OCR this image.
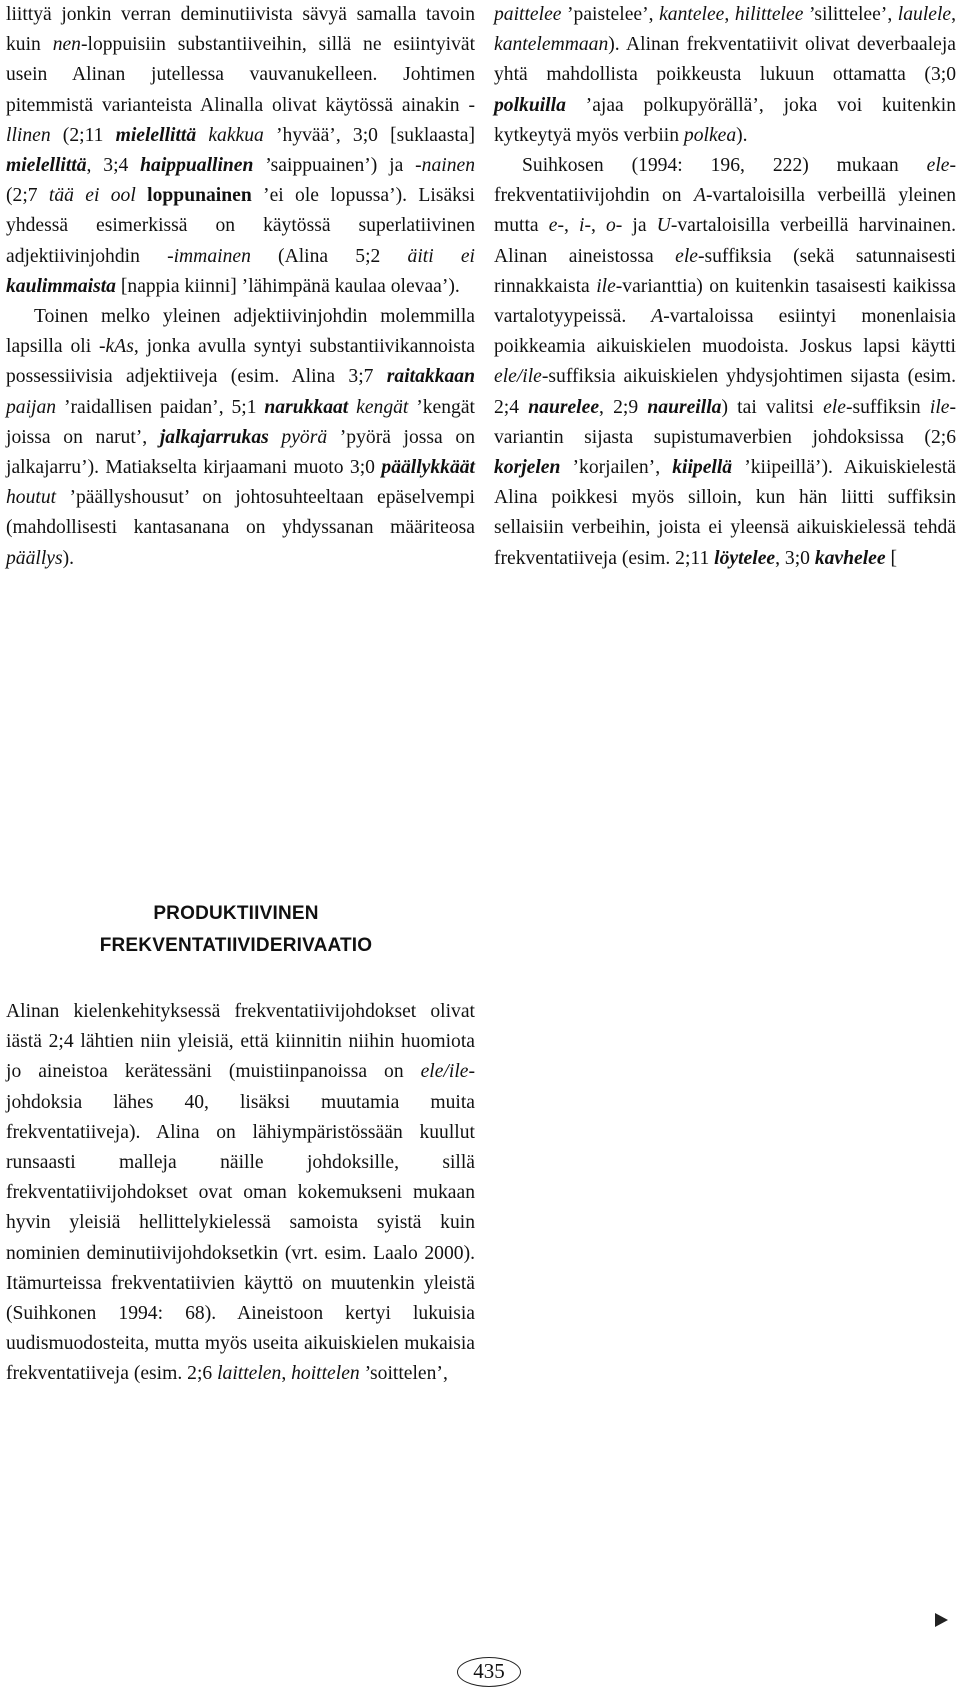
liittyä jonkin verran deminutiivista sävyä samalla tavoin kuin nen-loppuisiin substantiiveihin, sillä ne esiintyivät usein Alinan jutellessa vauvanukelleen. Johtimen pitemmistä varianteista Alinalla olivat käytössä ainakin -llinen (2;11 mielellittä kakkua ’hyvää’, 3;0 [suklaasta] mielellittä, 3;4 haippuallinen ’saippuainen’) ja -nainen (2;7 tää ei ool loppunainen ’ei ole lopussa’). Lisäksi yhdessä esimerkissä on käytössä superlatiivinen adjektiivinjohdin -immainen (Alina 5;2 äiti ei kaulimmaista [nappia kiinni] ’lähimpänä kaulaa olevaa’).

Toinen melko yleinen adjektiivinjohdin molemmilla lapsilla oli -kAs, jonka avulla syntyi substantiivikannoista possessiivisia adjektiiveja (esim. Alina 3;7 raitakkaan paijan ’raidallisen paidan’, 5;1 narukkaat kengät ’kengät joissa on narut’, jalkajarrukas pyörä ’pyörä jossa on jalkajarru’). Matiakselta kirjaamani muoto 3;0 päällykkäät houtut ’päällyshousut’ on johtosuhteeltaan epäselvempi (mahdollisesti kantasanana on yhdyssanan määriteosa päällys).

PRODUKTIIVINEN
FREKVENTATIIVIDERIVAATIO

Alinan kielenkehityksessä frekventatiivijohdokset olivat iästä 2;4 lähtien niin yleisiä, että kiinnitin niihin huomiota jo aineistoa kerätessäni (muistiinpanoissa on ele/ile-johdoksia lähes 40, lisäksi muutamia muita frekventatiiveja). Alina on lähiympäristössään kuullut runsaasti malleja näille johdoksille, sillä frekventatiivijohdokset ovat oman kokemukseni mukaan hyvin yleisiä hellittelykielessä samoista syistä kuin nominien deminutiivijohdoksetkin (vrt. esim. Laalo 2000). Itämurteissa frekventatiivien käyttö on muutenkin yleistä (Suihkonen 1994: 68). Aineistoon kertyi lukuisia uudismuodosteita, mutta myös useita aikuiskielen mukaisia frekventatiiveja (esim. 2;6 laittelen, hoittelen ’soittelen’,

paittelee ’paistelee’, kantelee, hilittelee ’silittelee’, laulele, kantelemmaan). Alinan frekventatiivit olivat deverbaaleja yhtä mahdollista poikkeusta lukuun ottamatta (3;0 polkuilla ’ajaa polkupyörällä’, joka voi kuitenkin kytkeytyä myös verbiin polkea).

Suihkosen (1994: 196, 222) mukaan ele-frekventatiivijohdin on A-vartaloisilla verbeillä yleinen mutta e-, i-, o- ja U-vartaloisilla verbeillä harvinainen. Alinan aineistossa ele-suffiksia (sekä satunnaisesti rinnakkaista ile-varianttia) on kuitenkin tasaisesti kaikissa vartalotyypeissä. A-vartaloissa esiintyi monenlaisia poikkeamia aikuiskielen muodoista. Joskus lapsi käytti ele/ile-suffiksia aikuiskielen yhdysjohtimen sijasta (esim. 2;4 naurelee, 2;9 naureilla) tai valitsi ele-suffiksin ile-variantin sijasta supistumaverbien johdoksissa (2;6 korjelen ’korjailen’, kiipellä ’kiipeillä’). Aikuiskielestä Alina poikkesi myös silloin, kun hän liitti suffiksin sellaisiin verbeihin, joista ei yleensä aikuiskielessä tehdä frekventatiiveja (esim. 2;11 löytelee, 3;0 kavhelee [

435
